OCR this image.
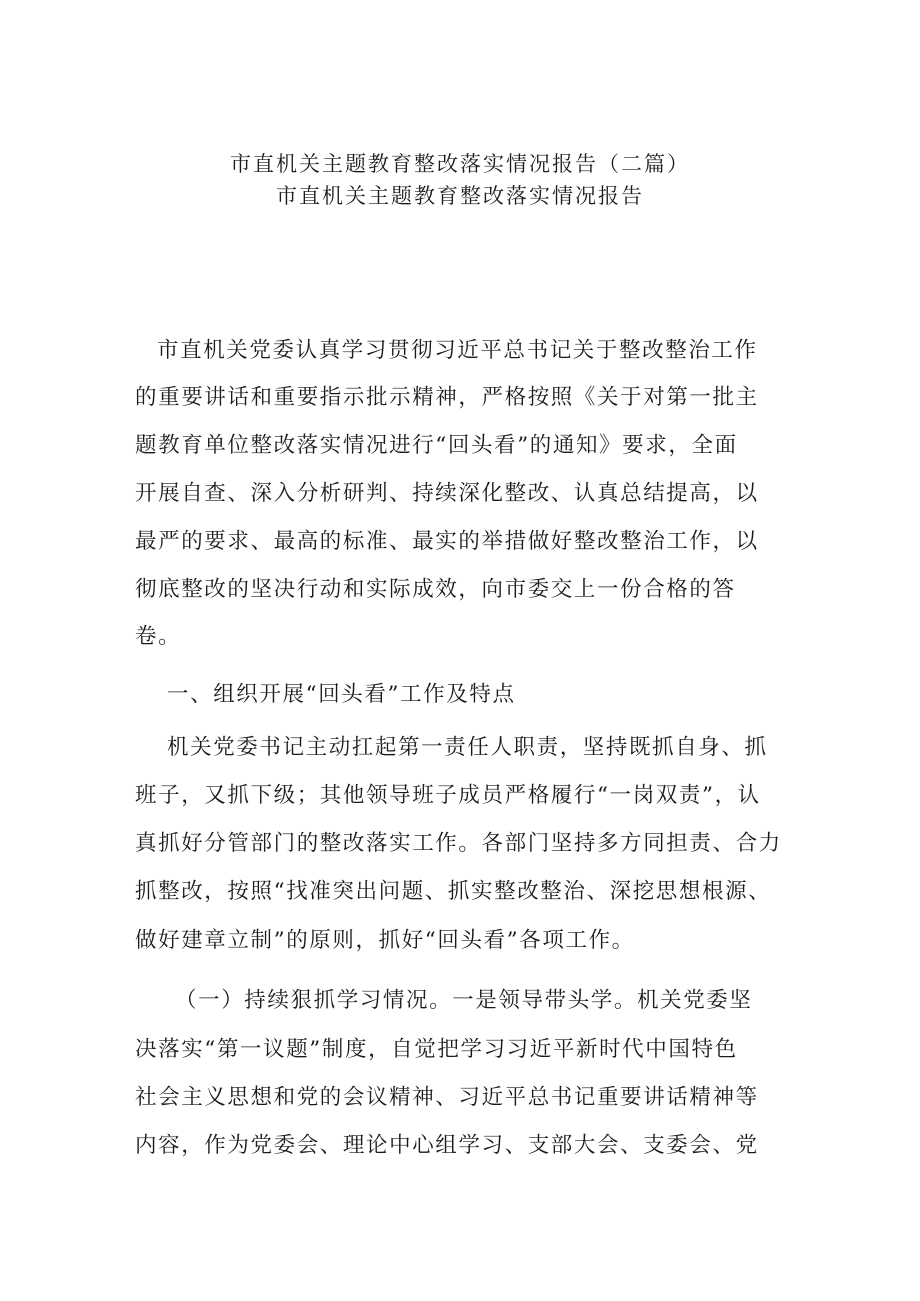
市直机关主题教育整改落实情况报告（二篇）
市直机关主题教育整改落实情况报告
市直机关党委认真学习贯彻习近平总书记关于整改整治工作
的重要讲话和重要指示批示精神，严格按照《关于对第一批主
题教育单位整改落实情况进行“回头看”的通知》要求，全面
开展自查、深入分析研判、持续深化整改、认真总结提高，以
最严的要求、最高的标准、最实的举措做好整改整治工作，以
彻底整改的坚决行动和实际成效，向市委交上一份合格的答
卷。
一、组织开展“回头看”工作及特点
机关党委书记主动扛起第一责任人职责，坚持既抓自身、抓
班子，又抓下级；其他领导班子成员严格履行“一岗双责”，认
真抓好分管部门的整改落实工作。各部门坚持多方同担责、合力
抓整改，按照“找准突出问题、抓实整改整治、深挖思想根源、
做好建章立制”的原则，抓好“回头看”各项工作。
（一）持续狠抓学习情况。一是领导带头学。机关党委坚
决落实“第一议题”制度，自觉把学习习近平新时代中国特色
社会主义思想和党的会议精神、习近平总书记重要讲话精神等
内容，作为党委会、理论中心组学习、支部大会、支委会、党
